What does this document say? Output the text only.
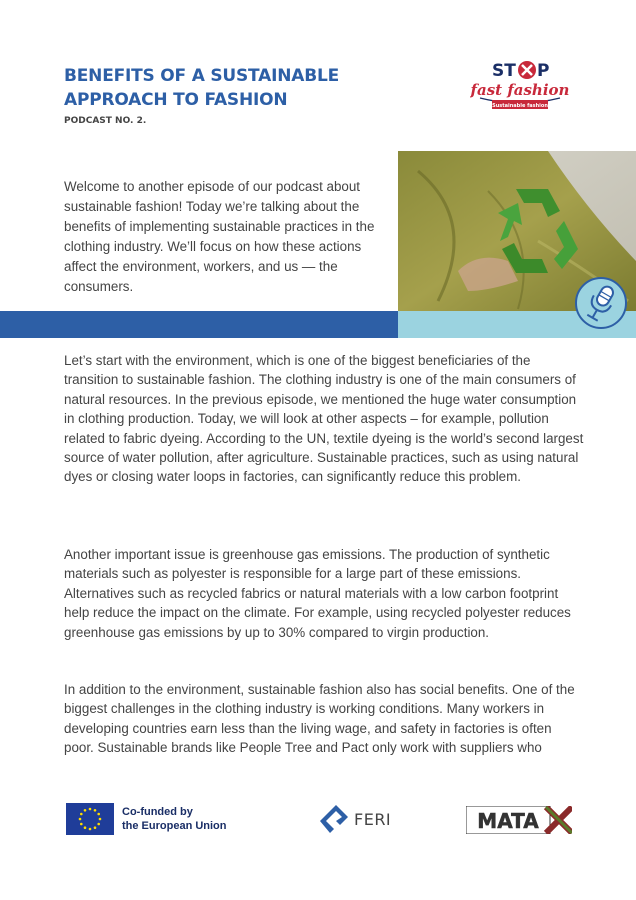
BENEFITS OF A SUSTAINABLE
APPROACH TO FASHION
PODCAST NO. 2.
ST P
fast fashion
Sustainable fashion

Welcome to another episode of our podcast about sustainable fashion! Today we’re talking about the benefits of implementing sustainable practices in the clothing industry. We’ll focus on how these actions affect the environment, workers, and us — the consumers.

Let’s start with the environment, which is one of the biggest beneficiaries of the transition to sustainable fashion. The clothing industry is one of the main consumers of natural resources. In the previous episode, we mentioned the huge water consumption in clothing production. Today, we will look at other aspects – for example, pollution related to fabric dyeing. According to the UN, textile dyeing is the world’s second largest source of water pollution, after agriculture. Sustainable practices, such as using natural dyes or closing water loops in factories, can significantly reduce this problem.

Another important issue is greenhouse gas emissions. The production of synthetic materials such as polyester is responsible for a large part of these emissions. Alternatives such as recycled fabrics or natural materials with a low carbon footprint help reduce the impact on the climate. For example, using recycled polyester reduces greenhouse gas emissions by up to 30% compared to virgin production.

In addition to the environment, sustainable fashion also has social benefits. One of the biggest challenges in the clothing industry is working conditions. Many workers in developing countries earn less than the living wage, and safety in factories is often poor. Sustainable brands like People Tree and Pact only work with suppliers who

Co-funded by
the European Union	FERI	MATA
